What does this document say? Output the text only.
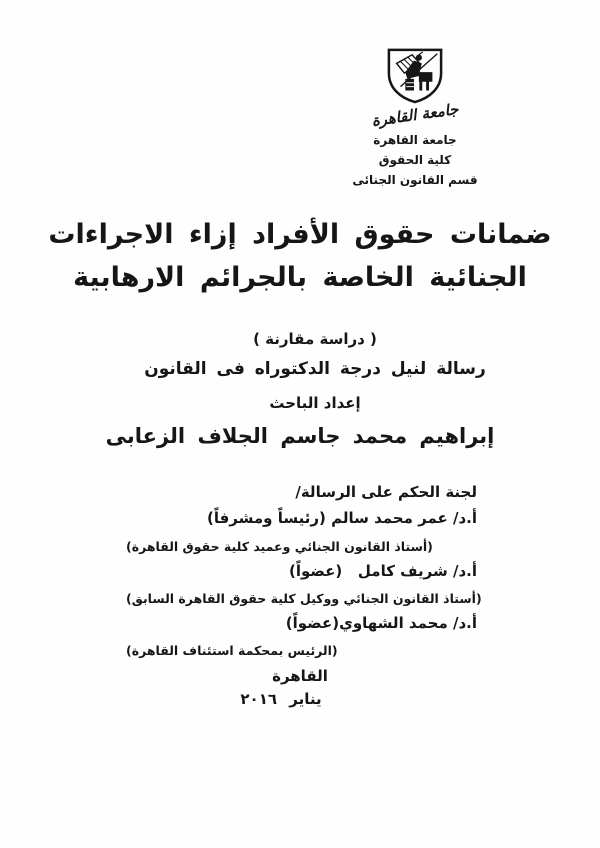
جامعة القاهرة
جامعة القاهرة
كلية الحقوق
قسم القانون الجنائى
ضمانات حقوق الأفراد إزاء الاجراءات
الجنائية الخاصة بالجرائم الارهابية
( دراسة مقارنة )
رسالة لنيل درجة الدكتوراه فى القانون
إعداد الباحث
إبراهيم محمد جاسم الجلاف الزعابى
لجنة الحكم على الرسالة/
أ.د/ عمر محمد سالم (رئيساً ومشرفاً)
(أستاذ القانون الجنائي وعميد كلية حقوق القاهرة)
أ.د/ شريف كامل   (عضواً)
(أستاذ القانون الجنائي ووكيل كلية حقوق القاهرة السابق)
أ.د/ محمد الشهاوي(عضواً)
(الرئيس بمحكمة استئناف القاهرة)
القاهرة
يناير ٢٠١٦
